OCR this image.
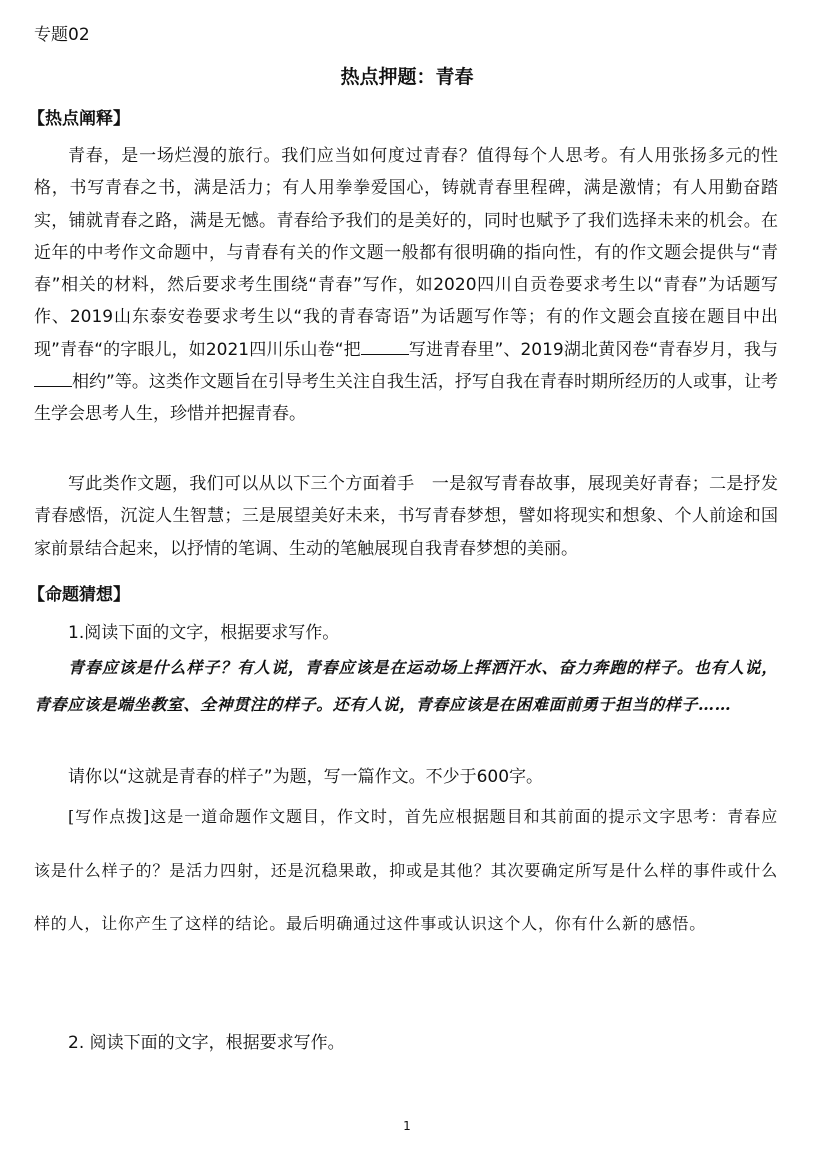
专题02
热点押题：青春
【热点阐释】

青春，是一场烂漫的旅行。我们应当如何度过青春？值得每个人思考。有人用张扬多元的性格，书写青春之书，满是活力；有人用拳拳爱国心，铸就青春里程碑，满是激情；有人用勤奋踏实，铺就青春之路，满是无憾。青春给予我们的是美好的，同时也赋予了我们选择未来的机会。在近年的中考作文命题中，与青春有关的作文题一般都有很明确的指向性，有的作文题会提供与“青春”相关的材料，然后要求考生围绕“青春”写作，如2020四川自贡卷要求考生以“青春”为话题写作、2019山东泰安卷要求考生以“我的青春寄语”为话题写作等；有的作文题会直接在题目中出现”青春“的字眼儿，如2021四川乐山卷“把	写进青春里”、2019湖北黄冈卷“青春岁月，我与相约”等。这类作文题旨在引导考生关注自我生活，抒写自我在青春时期所经历的人或事，让考生学会思考人生，珍惜并把握青春。

写此类作文题，我们可以从以下三个方面着手　一是叙写青春故事，展现美好青春；二是抒发青春感悟，沉淀人生智慧；三是展望美好未来，书写青春梦想，譬如将现实和想象、个人前途和国家前景结合起来，以抒情的笔调、生动的笔触展现自我青春梦想的美丽。

【命题猜想】
1.阅读下面的文字，根据要求写作。

青春应该是什么样子？有人说，青春应该是在运动场上挥洒汗水、奋力奔跑的样子。也有人说，青春应该是端坐教室、全神贯注的样子。还有人说，青春应该是在困难面前勇于担当的样子……

请你以“这就是青春的样子”为题，写一篇作文。不少于600字。

[写作点拨]这是一道命题作文题目，作文时，首先应根据题目和其前面的提示文字思考：青春应该是什么样子的？是活力四射，还是沉稳果敢，抑或是其他？其次要确定所写是什么样的事件或什么样的人，让你产生了这样的结论。最后明确通过这件事或认识这个人，你有什么新的感悟。

2. 阅读下面的文字，根据要求写作。
1
